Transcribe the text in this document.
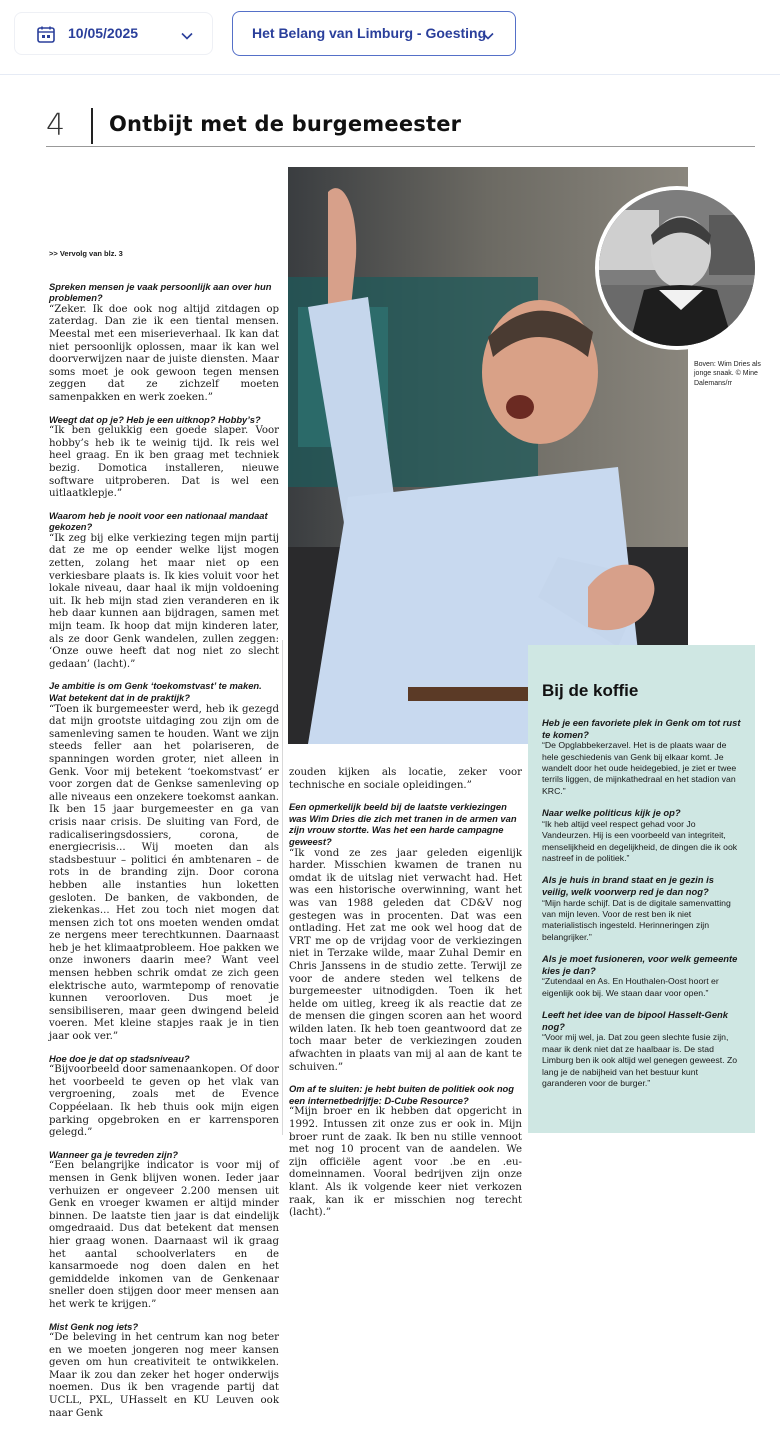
10/05/2025	Het Belang van Limburg - Goesting
4 Ontbijt met de burgemeester
Boven: Wim Dries als jonge snaak. © Mine Dalemans/rr
>> Vervolg van blz. 3

Spreken mensen je vaak persoonlijk aan over hun problemen?

“Zeker. Ik doe ook nog altijd zitdagen op zaterdag. Dan zie ik een tiental mensen. Meestal met een miserieverhaal. Ik kan dat niet persoonlijk oplossen, maar ik kan wel doorverwijzen naar de juiste diensten. Maar soms moet je ook gewoon tegen mensen zeggen dat ze zichzelf moeten samenpakken en werk zoeken.”

Weegt dat op je? Heb je een uitknop? Hobby’s?

“Ik ben gelukkig een goede slaper. Voor hobby’s heb ik te weinig tijd. Ik reis wel heel graag. En ik ben graag met techniek bezig. Domotica installeren, nieuwe software uitproberen. Dat is wel een uitlaatklepje.”

Waarom heb je nooit voor een nationaal mandaat gekozen?

“Ik zeg bij elke verkiezing tegen mijn partij dat ze me op eender welke lijst mogen zetten, zolang het maar niet op een verkiesbare plaats is. Ik kies voluit voor het lokale niveau, daar haal ik mijn voldoening uit. Ik heb mijn stad zien veranderen en ik heb daar kunnen aan bijdragen, samen met mijn team. Ik hoop dat mijn kinderen later, als ze door Genk wandelen, zullen zeggen: ‘Onze ouwe heeft dat nog niet zo slecht gedaan’ (lacht).”

Je ambitie is om Genk ‘toekomstvast’ te maken. Wat betekent dat in de praktijk?

“Toen ik burgemeester werd, heb ik gezegd dat mijn grootste uitdaging zou zijn om de samenleving samen te houden. Want we zijn steeds feller aan het polariseren, de spanningen worden groter, niet alleen in Genk. Voor mij betekent ‘toekomstvast’ er voor zorgen dat de Genkse samenleving op alle niveaus een onzekere toekomst aankan. Ik ben 15 jaar burgemeester en ga van crisis naar crisis. De sluiting van Ford, de radicaliseringsdossiers, corona, de energiecrisis... Wij moeten dan als stadsbestuur – politici én ambtenaren – de rots in de branding zijn. Door corona hebben alle instanties hun loketten gesloten. De banken, de vakbonden, de ziekenkas... Het zou toch niet mogen dat mensen zich tot ons moeten wenden omdat ze nergens meer terechtkunnen. Daarnaast heb je het klimaatprobleem. Hoe pakken we onze inwoners daarin mee? Want veel mensen hebben schrik omdat ze zich geen elektrische auto, warmtepomp of renovatie kunnen veroorloven. Dus moet je sensibiliseren, maar geen dwingend beleid voeren. Met kleine stapjes raak je in tien jaar ook ver.”

Hoe doe je dat op stadsniveau?

“Bijvoorbeeld door samenaankopen. Of door het voorbeeld te geven op het vlak van vergroening, zoals met de Evence Coppéelaan. Ik heb thuis ook mijn eigen parking opgebroken en er karrensporen gelegd.”

Wanneer ga je tevreden zijn?

“Een belangrijke indicator is voor mij of mensen in Genk blijven wonen. Ieder jaar verhuizen er ongeveer 2.200 mensen uit Genk en vroeger kwamen er altijd minder binnen. De laatste tien jaar is dat eindelijk omgedraaid. Dus dat betekent dat mensen hier graag wonen. Daarnaast wil ik graag het aantal schoolverlaters en de kansarmoede nog doen dalen en het gemiddelde inkomen van de Genkenaar sneller doen stijgen door meer mensen aan het werk te krijgen.”

Mist Genk nog iets?

“De beleving in het centrum kan nog beter en we moeten jongeren nog meer kansen geven om hun creativiteit te ontwikkelen. Maar ik zou dan zeker het hoger onderwijs noemen. Dus ik ben vragende partij dat UCLL, PXL, UHasselt en KU Leuven ook naar Genk

zouden kijken als locatie, zeker voor technische en sociale opleidingen.”

Een opmerkelijk beeld bij de laatste verkiezingen was Wim Dries die zich met tranen in de armen van zijn vrouw stortte. Was het een harde campagne geweest?

“Ik vond ze zes jaar geleden eigenlijk harder. Misschien kwamen de tranen nu omdat ik de uitslag niet verwacht had. Het was een historische overwinning, want het was van 1988 geleden dat CD&V nog gestegen was in procenten. Dat was een ontlading. Het zat me ook wel hoog dat de VRT me op de vrijdag voor de verkiezingen niet in Terzake wilde, maar Zuhal Demir en Chris Janssens in de studio zette. Terwijl ze voor de andere steden wel telkens de burgemeester uitnodigden. Toen ik het helde om uitleg, kreeg ik als reactie dat ze de mensen die gingen scoren aan het woord wilden laten. Ik heb toen geantwoord dat ze toch maar beter de verkiezingen zouden afwachten in plaats van mij al aan de kant te schuiven.”

Om af te sluiten: je hebt buiten de politiek ook nog een internetbedrijfje: D-Cube Resource?

“Mijn broer en ik hebben dat opgericht in 1992. Intussen zit onze zus er ook in. Mijn broer runt de zaak. Ik ben nu stille vennoot met nog 10 procent van de aandelen. We zijn officiële agent voor .be en .eu-domeinnamen. Vooral bedrijven zijn onze klant. Als ik volgende keer niet verkozen raak, kan ik er misschien nog terecht (lacht).”

Bij de koffie

Heb je een favoriete plek in Genk om tot rust te komen?

“De Opglabbekerzavel. Het is de plaats waar de hele geschiedenis van Genk bij elkaar komt. Je wandelt door het oude heidegebied, je ziet er twee terrils liggen, de mijnkathedraal en het stadion van KRC.”

Naar welke politicus kijk je op?

“Ik heb altijd veel respect gehad voor Jo Vandeurzen. Hij is een voorbeeld van integriteit, menselijkheid en degelijkheid, de dingen die ik ook nastreef in de politiek.”

Als je huis in brand staat en je gezin is veilig, welk voorwerp red je dan nog?

“Mijn harde schijf. Dat is de digitale samenvatting van mijn leven. Voor de rest ben ik niet materialistisch ingesteld. Herinneringen zijn belangrijker.”

Als je moet fusioneren, voor welk gemeente kies je dan?

“Zutendaal en As. En Houthalen-Oost hoort er eigenlijk ook bij. We staan daar voor open.”

Leeft het idee van de bipool Hasselt-Genk nog?

“Voor mij wel, ja. Dat zou geen slechte fusie zijn, maar ik denk niet dat ze haalbaar is. De stad Limburg ben ik ook altijd wel genegen geweest. Zo lang je de nabijheid van het bestuur kunt garanderen voor de burger.”
